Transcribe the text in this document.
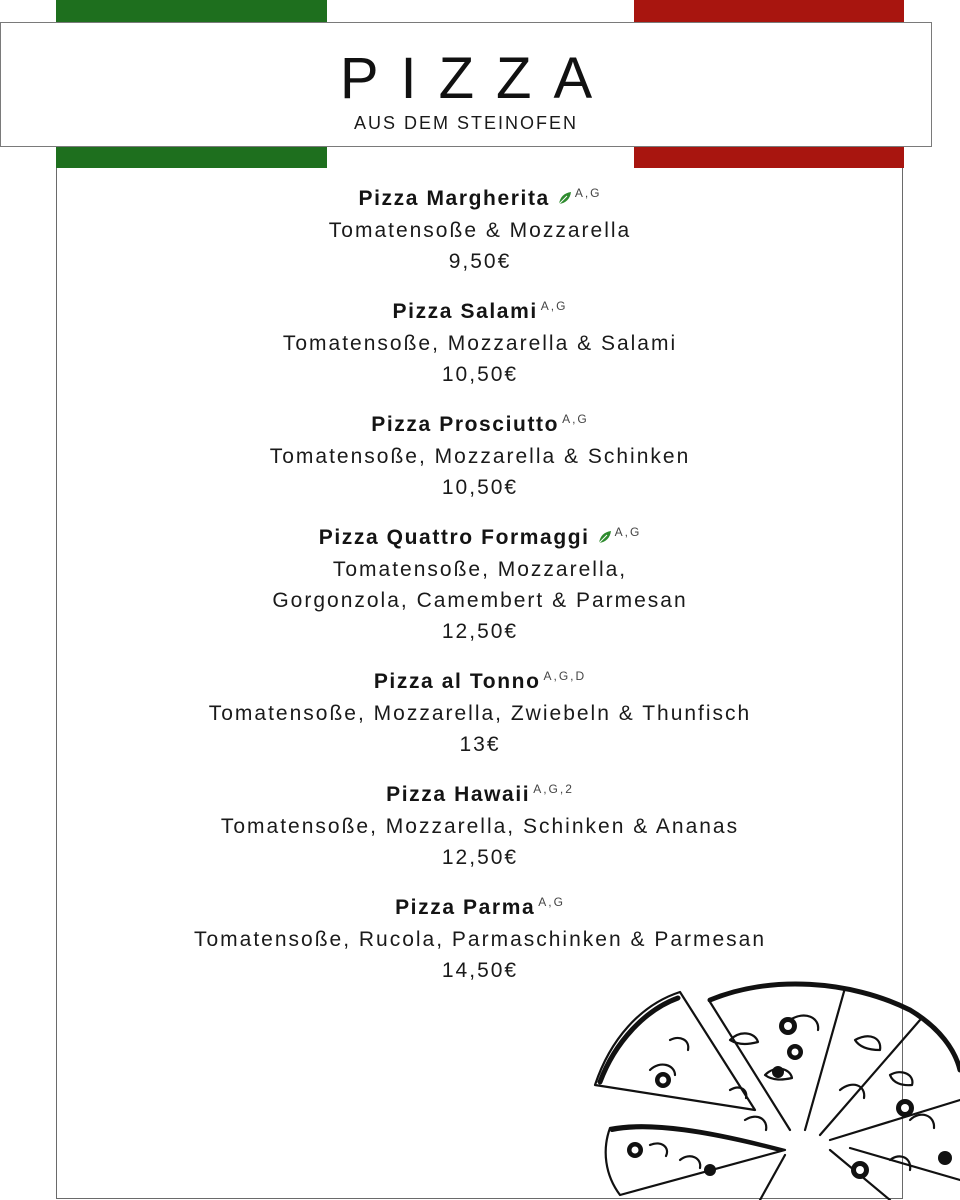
PIZZA

AUS DEM STEINOFEN

Pizza Margherita A,G
Tomatensoße & Mozzarella
9,50€
Pizza Salami A,G
Tomatensoße, Mozzarella & Salami
10,50€
Pizza Prosciutto A,G
Tomatensoße, Mozzarella & Schinken
10,50€
Pizza Quattro Formaggi A,G
Tomatensoße, Mozzarella,
Gorgonzola, Camembert & Parmesan
12,50€
Pizza al Tonno A,G,D
Tomatensoße, Mozzarella, Zwiebeln & Thunfisch
13€
Pizza Hawaii A,G,2
Tomatensoße, Mozzarella, Schinken & Ananas
12,50€
Pizza Parma A,G
Tomatensoße, Rucola, Parmaschinken & Parmesan
14,50€
